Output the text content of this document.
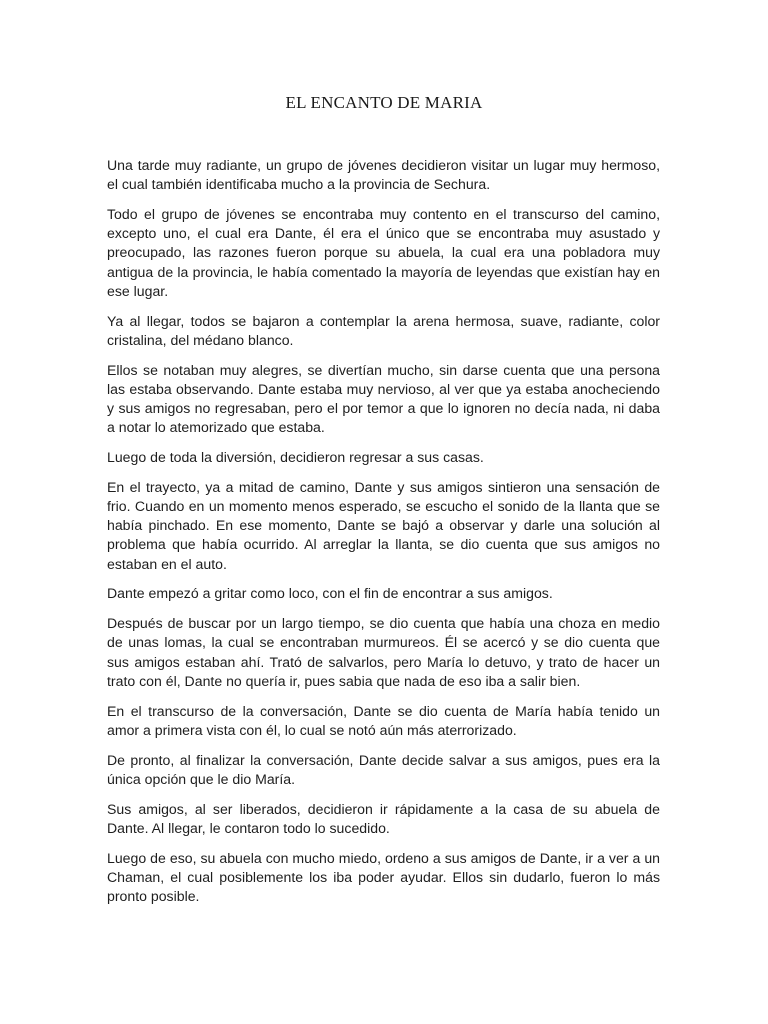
EL ENCANTO DE MARIA

Una tarde muy radiante, un grupo de jóvenes decidieron visitar un lugar muy hermoso, el cual también identificaba mucho a la provincia de Sechura.

Todo el grupo de jóvenes se encontraba muy contento en el transcurso del camino, excepto uno, el cual era Dante, él era el único que se encontraba muy asustado y preocupado, las razones fueron porque su abuela, la cual era una pobladora muy antigua de la provincia, le había comentado la mayoría de leyendas que existían hay en ese lugar.

Ya al llegar, todos se bajaron a contemplar la arena hermosa, suave, radiante, color cristalina, del médano blanco.

Ellos se notaban muy alegres, se divertían mucho, sin darse cuenta que una persona las estaba observando. Dante estaba muy nervioso, al ver que ya estaba anocheciendo y sus amigos no regresaban, pero el por temor a que lo ignoren no decía nada, ni daba a notar lo atemorizado que estaba.

Luego de toda la diversión, decidieron regresar a sus casas.

En el trayecto, ya a mitad de camino, Dante y sus amigos sintieron una sensación de frio. Cuando en un momento menos esperado, se escucho el sonido de la llanta que se había pinchado. En ese momento, Dante se bajó a observar y darle una solución al problema que había ocurrido. Al arreglar la llanta, se dio cuenta que sus amigos no estaban en el auto.

Dante empezó a gritar como loco, con el fin de encontrar a sus amigos.

Después de buscar por un largo tiempo, se dio cuenta que había una choza en medio de unas lomas, la cual se encontraban murmureos. Él se acercó y se dio cuenta que sus amigos estaban ahí. Trató de salvarlos, pero María lo detuvo, y trato de hacer un trato con él, Dante no quería ir, pues sabia que nada de eso iba a salir bien.

En el transcurso de la conversación, Dante se dio cuenta de María había tenido un amor a primera vista con él, lo cual se notó aún más aterrorizado.

De pronto, al finalizar la conversación, Dante decide salvar a sus amigos, pues era la única opción que le dio María.

Sus amigos, al ser liberados, decidieron ir rápidamente a la casa de su abuela de Dante. Al llegar, le contaron todo lo sucedido.

Luego de eso, su abuela con mucho miedo, ordeno a sus amigos de Dante, ir a ver a un Chaman, el cual posiblemente los iba poder ayudar. Ellos sin dudarlo, fueron lo más pronto posible.
